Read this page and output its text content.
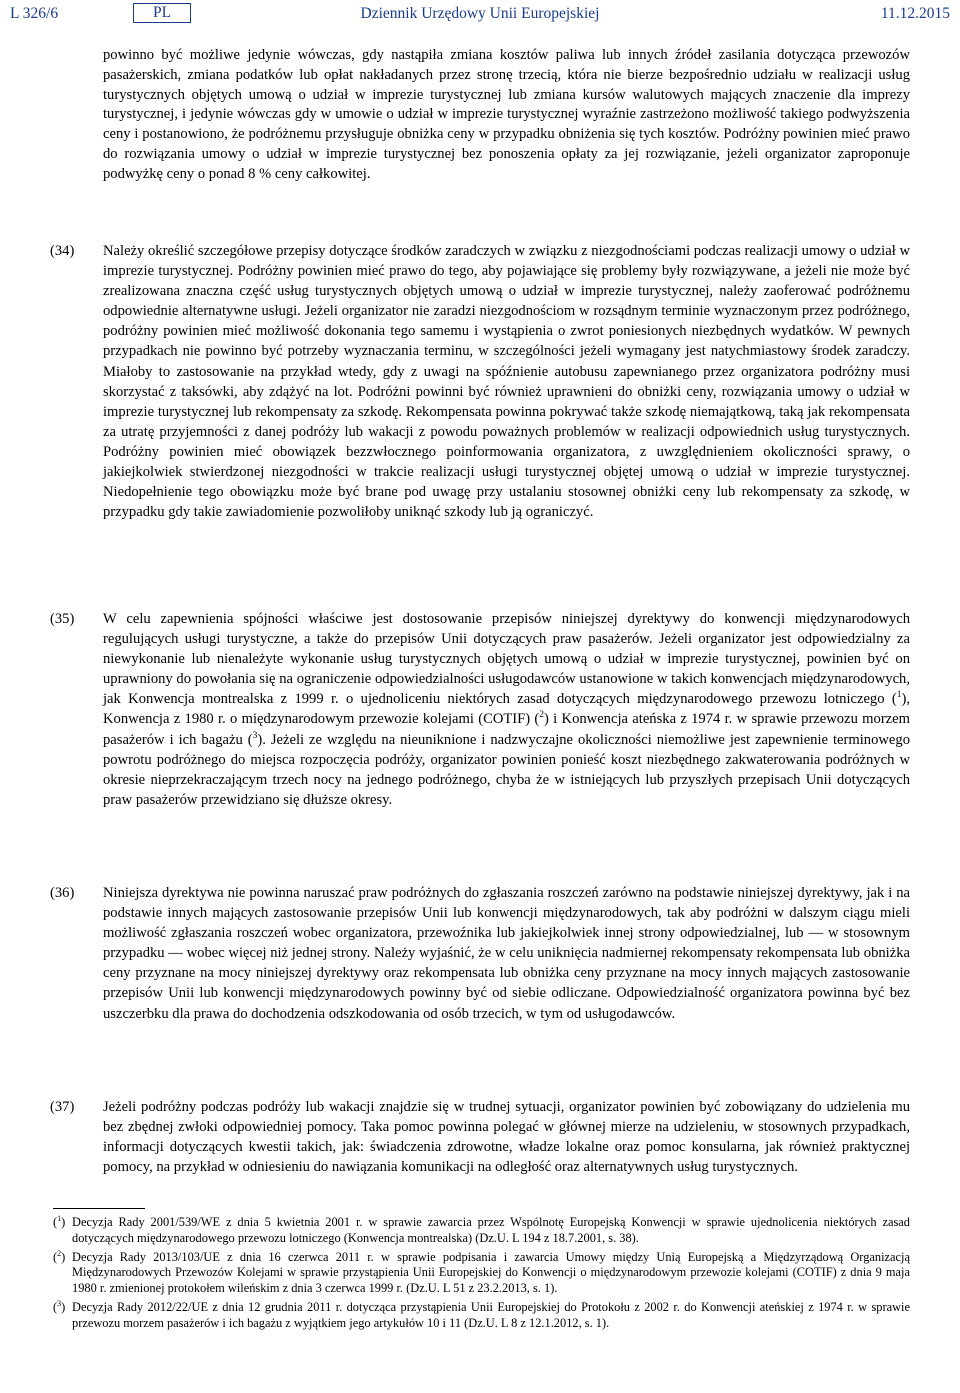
L 326/6	PL	Dziennik Urzędowy Unii Europejskiej	11.12.2015
powinno być możliwe jedynie wówczas, gdy nastąpiła zmiana kosztów paliwa lub innych źródeł zasilania dotycząca przewozów pasażerskich, zmiana podatków lub opłat nakładanych przez stronę trzecią, która nie bierze bezpośrednio udziału w realizacji usług turystycznych objętych umową o udział w imprezie turystycznej lub zmiana kursów walutowych mających znaczenie dla imprezy turystycznej, i jedynie wówczas gdy w umowie o udział w imprezie turystycznej wyraźnie zastrzeżono możliwość takiego podwyższenia ceny i postanowiono, że podróżnemu przysługuje obniżka ceny w przypadku obniżenia się tych kosztów. Podróżny powinien mieć prawo do rozwiązania umowy o udział w imprezie turystycznej bez ponoszenia opłaty za jej rozwiązanie, jeżeli organizator zaproponuje podwyżkę ceny o ponad 8 % ceny całkowitej.
(34)	Należy określić szczegółowe przepisy dotyczące środków zaradczych w związku z niezgodnościami podczas realizacji umowy o udział w imprezie turystycznej. Podróżny powinien mieć prawo do tego, aby pojawiające się problemy były rozwiązywane, a jeżeli nie może być zrealizowana znaczna część usług turystycznych objętych umową o udział w imprezie turystycznej, należy zaoferować podróżnemu odpowiednie alternatywne usługi. Jeżeli organizator nie zaradzi niezgodnościom w rozsądnym terminie wyznaczonym przez podróżnego, podróżny powinien mieć możliwość dokonania tego samemu i wystąpienia o zwrot poniesionych niezbędnych wydatków. W pewnych przypadkach nie powinno być potrzeby wyznaczania terminu, w szczególności jeżeli wymagany jest natychmiastowy środek zaradczy. Miałoby to zastosowanie na przykład wtedy, gdy z uwagi na spóźnienie autobusu zapewnianego przez organizatora podróżny musi skorzystać z taksówki, aby zdążyć na lot. Podróżni powinni być również uprawnieni do obniżki ceny, rozwiązania umowy o udział w imprezie turystycznej lub rekompensaty za szkodę. Rekompensata powinna pokrywać także szkodę niemajątkową, taką jak rekompensata za utratę przyjemności z danej podróży lub wakacji z powodu poważnych problemów w realizacji odpowiednich usług turystycznych. Podróżny powinien mieć obowiązek bezzwłocznego poinformowania organizatora, z uwzględnieniem okoliczności sprawy, o jakiejkolwiek stwierdzonej niezgodności w trakcie realizacji usługi turystycznej objętej umową o udział w imprezie turystycznej. Niedopełnienie tego obowiązku może być brane pod uwagę przy ustalaniu stosownej obniżki ceny lub rekompensaty za szkodę, w przypadku gdy takie zawiadomienie pozwoliłoby uniknąć szkody lub ją ograniczyć.
(35)	W celu zapewnienia spójności właściwe jest dostosowanie przepisów niniejszej dyrektywy do konwencji międzynarodowych regulujących usługi turystyczne, a także do przepisów Unii dotyczących praw pasażerów. Jeżeli organizator jest odpowiedzialny za niewykonanie lub nienależyte wykonanie usług turystycznych objętych umową o udział w imprezie turystycznej, powinien być on uprawniony do powołania się na ograniczenie odpowiedzialności usługodawców ustanowione w takich konwencjach międzynarodowych, jak Konwencja montrealska z 1999 r. o ujednoliceniu niektórych zasad dotyczących międzynarodowego przewozu lotniczego ($^1$), Konwencja z 1980 r. o międzynarodowym przewozie kolejami (COTIF) ($^2$) i Konwencja ateńska z 1974 r. w sprawie przewozu morzem pasażerów i ich bagażu ($^3$). Jeżeli ze względu na nieuniknione i nadzwyczajne okoliczności niemożliwe jest zapewnienie terminowego powrotu podróżnego do miejsca rozpoczęcia podróży, organizator powinien ponieść koszt niezbędnego zakwaterowania podróżnych w okresie nieprzekraczającym trzech nocy na jednego podróżnego, chyba że w istniejących lub przyszłych przepisach Unii dotyczących praw pasażerów przewidziano się dłuższe okresy.
(36)	Niniejsza dyrektywa nie powinna naruszać praw podróżnych do zgłaszania roszczeń zarówno na podstawie niniejszej dyrektywy, jak i na podstawie innych mających zastosowanie przepisów Unii lub konwencji międzynarodowych, tak aby podróżni w dalszym ciągu mieli możliwość zgłaszania roszczeń wobec organizatora, przewoźnika lub jakiejkolwiek innej strony odpowiedzialnej, lub — w stosownym przypadku — wobec więcej niż jednej strony. Należy wyjaśnić, że w celu uniknięcia nadmiernej rekompensaty rekompensata lub obniżka ceny przyznane na mocy niniejszej dyrektywy oraz rekompensata lub obniżka ceny przyznane na mocy innych mających zastosowanie przepisów Unii lub konwencji międzynarodowych powinny być od siebie odliczane. Odpowiedzialność organizatora powinna być bez uszczerbku dla prawa do dochodzenia odszkodowania od osób trzecich, w tym od usługodawców.
(37)	Jeżeli podróżny podczas podróży lub wakacji znajdzie się w trudnej sytuacji, organizator powinien być zobowiązany do udzielenia mu bez zbędnej zwłoki odpowiedniej pomocy. Taka pomoc powinna polegać w głównej mierze na udzieleniu, w stosownych przypadkach, informacji dotyczących kwestii takich, jak: świadczenia zdrowotne, władze lokalne oraz pomoc konsularna, jak również praktycznej pomocy, na przykład w odniesieniu do nawiązania komunikacji na odległość oraz alternatywnych usług turystycznych.
($^1$) Decyzja Rady 2001/539/WE z dnia 5 kwietnia 2001 r. w sprawie zawarcia przez Wspólnotę Europejską Konwencji w sprawie ujednolicenia niektórych zasad dotyczących międzynarodowego przewozu lotniczego (Konwencja montrealska) (Dz.U. L 194 z 18.7.2001, s. 38).
($^2$) Decyzja Rady 2013/103/UE z dnia 16 czerwca 2011 r. w sprawie podpisania i zawarcia Umowy między Unią Europejską a Międzyrządową Organizacją Międzynarodowych Przewozów Kolejami w sprawie przystąpienia Unii Europejskiej do Konwencji o międzynarodowym przewozie kolejami (COTIF) z dnia 9 maja 1980 r. zmienionej protokołem wileńskim z dnia 3 czerwca 1999 r. (Dz.U. L 51 z 23.2.2013, s. 1).
($^3$) Decyzja Rady 2012/22/UE z dnia 12 grudnia 2011 r. dotycząca przystąpienia Unii Europejskiej do Protokołu z 2002 r. do Konwencji ateńskiej z 1974 r. w sprawie przewozu morzem pasażerów i ich bagażu z wyjątkiem jego artykułów 10 i 11 (Dz.U. L 8 z 12.1.2012, s. 1).
